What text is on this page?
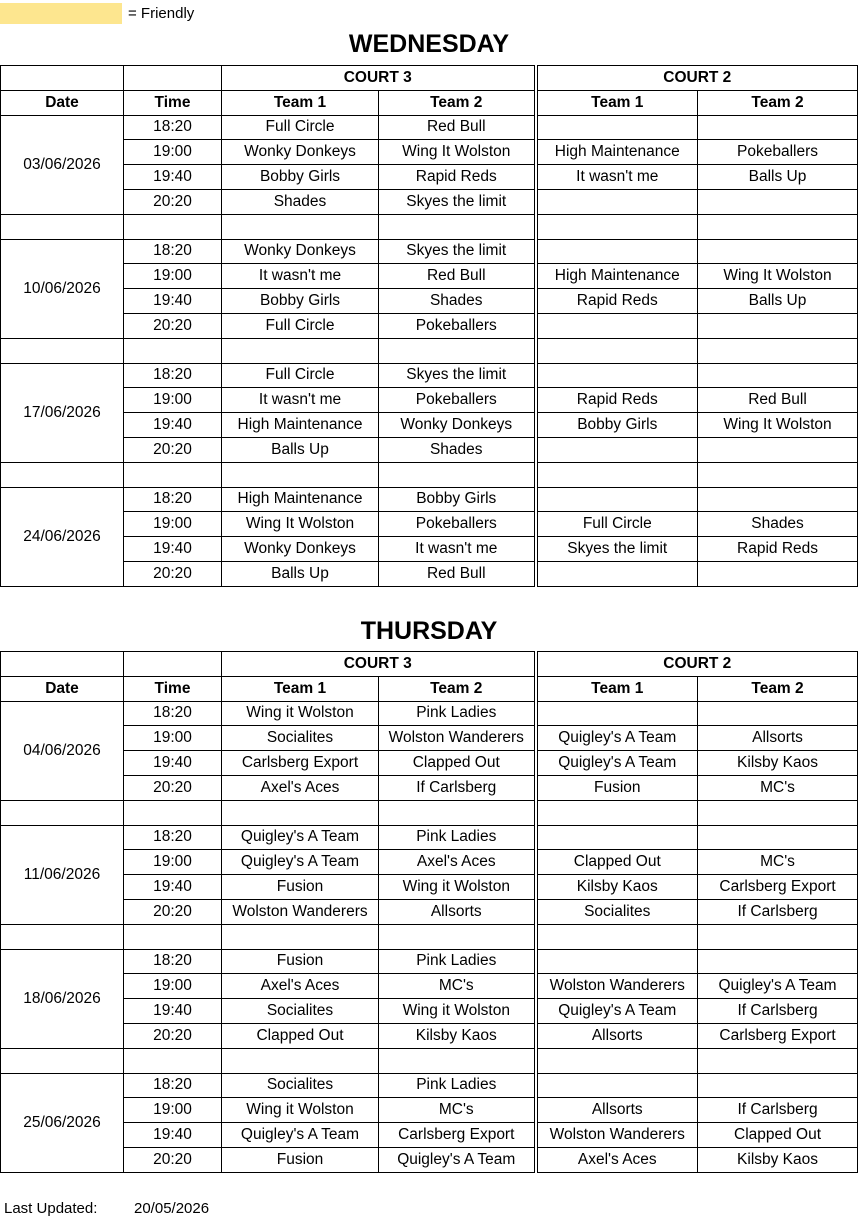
= Friendly
WEDNESDAY
		COURT 3		COURT 2	
Date	Time	Team 1	Team 2	Team 1	Team 2
03/06/2026	18:20	Full Circle	Red Bull		
	19:00	Wonky Donkeys	Wing It Wolston	High Maintenance	Pokeballers
	19:40	Bobby Girls	Rapid Reds	It wasn't me	Balls Up
	20:20	Shades	Skyes the limit		

10/06/2026	18:20	Wonky Donkeys	Skyes the limit		
	19:00	It wasn't me	Red Bull	High Maintenance	Wing It Wolston
	19:40	Bobby Girls	Shades	Rapid Reds	Balls Up
	20:20	Full Circle	Pokeballers		

17/06/2026	18:20	Full Circle	Skyes the limit		
	19:00	It wasn't me	Pokeballers	Rapid Reds	Red Bull
	19:40	High Maintenance	Wonky Donkeys	Bobby Girls	Wing It Wolston
	20:20	Balls Up	Shades		

24/06/2026	18:20	High Maintenance	Bobby Girls		
	19:00	Wing It Wolston	Pokeballers	Full Circle	Shades
	19:40	Wonky Donkeys	It wasn't me	Skyes the limit	Rapid Reds
	20:20	Balls Up	Red Bull		
THURSDAY
		COURT 3		COURT 2	
Date	Time	Team 1	Team 2	Team 1	Team 2
04/06/2026	18:20	Wing it Wolston	Pink Ladies		
	19:00	Socialites	Wolston Wanderers	Quigley's A Team	Allsorts
	19:40	Carlsberg Export	Clapped Out	Quigley's A Team	Kilsby Kaos
	20:20	Axel's Aces	If Carlsberg	Fusion	MC's

11/06/2026	18:20	Quigley's A Team	Pink Ladies		
	19:00	Quigley's A Team	Axel's Aces	Clapped Out	MC's
	19:40	Fusion	Wing it Wolston	Kilsby Kaos	Carlsberg Export
	20:20	Wolston Wanderers	Allsorts	Socialites	If Carlsberg

18/06/2026	18:20	Fusion	Pink Ladies		
	19:00	Axel's Aces	MC's	Wolston Wanderers	Quigley's A Team
	19:40	Socialites	Wing it Wolston	Quigley's A Team	If Carlsberg
	20:20	Clapped Out	Kilsby Kaos	Allsorts	Carlsberg Export

25/06/2026	18:20	Socialites	Pink Ladies		
	19:00	Wing it Wolston	MC's	Allsorts	If Carlsberg
	19:40	Quigley's A Team	Carlsberg Export	Wolston Wanderers	Clapped Out
	20:20	Fusion	Quigley's A Team	Axel's Aces	Kilsby Kaos
Last Updated:	20/05/2026
